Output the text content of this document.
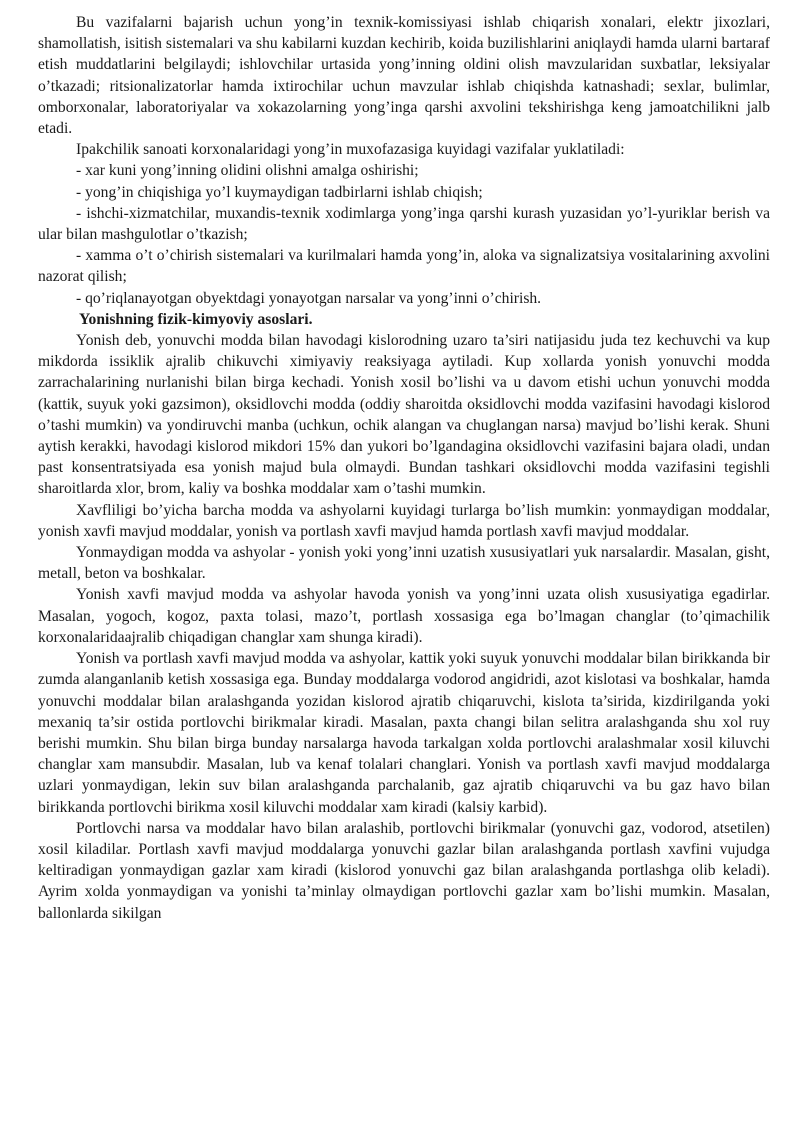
Bu vazifalarni bajarish uchun yong’in texnik-komissiyasi ishlab chiqarish xonalari, elektr jixozlari, shamollatish, isitish sistemalari va shu kabilarni kuzdan kechirib, koida buzilishlarini aniqlaydi hamda ularni bartaraf etish muddatlarini belgilaydi; ishlovchilar urtasida yong’inning oldini olish mavzularidan suxbatlar, leksiyalar o’tkazadi; ritsionalizatorlar hamda ixtirochilar uchun mavzular ishlab chiqishda katnashadi; sexlar, bulimlar, omborxonalar, laboratoriyalar va xokazolarning yong’inga qarshi axvolini tekshirishga keng jamoatchilikni jalb etadi.

Ipakchilik sanoati korxonalaridagi yong’in muxofazasiga kuyidagi vazifalar yuklatiladi:

- xar kuni yong’inning olidini olishni amalga oshirishi;

- yong’in chiqishiga yo’l kuymaydigan tadbirlarni ishlab chiqish;

- ishchi-xizmatchilar, muxandis-texnik xodimlarga yong’inga qarshi kurash yuzasidan yo’l-yuriklar berish va ular bilan mashgulotlar o’tkazish;

- xamma o’t o’chirish sistemalari va kurilmalari hamda yong’in, aloka va signalizatsiya vositalarining axvolini nazorat qilish;

- qo’riqlanayotgan obyektdagi yonayotgan narsalar va yong’inni o’chirish.

Yonishning fizik-kimyoviy asoslari.

Yonish deb, yonuvchi modda bilan havodagi kislorodning uzaro ta’siri natijasidu juda tez kechuvchi va kup mikdorda issiklik ajralib chikuvchi ximiyaviy reaksiyaga aytiladi. Kup xollarda yonish yonuvchi modda zarrachalarining nurlanishi bilan birga kechadi. Yonish xosil bo’lishi va u davom etishi uchun yonuvchi modda (kattik, suyuk yoki gazsimon), oksidlovchi modda (oddiy sharoitda oksidlovchi modda vazifasini havodagi kislorod o’tashi mumkin) va yondiruvchi manba (uchkun, ochik alangan va chuglangan narsa) mavjud bo’lishi kerak. Shuni aytish kerakki, havodagi kislorod mikdori 15% dan yukori bo’lgandagina oksidlovchi vazifasini bajara oladi, undan past konsentratsiyada esa yonish majud bula olmaydi. Bundan tashkari oksidlovchi modda vazifasini tegishli sharoitlarda xlor, brom, kaliy va boshka moddalar xam o’tashi mumkin.

Xavfliligi bo’yicha barcha modda va ashyolarni kuyidagi turlarga bo’lish mumkin: yonmaydigan moddalar, yonish xavfi mavjud moddalar, yonish va portlash xavfi mavjud hamda portlash xavfi mavjud moddalar.

Yonmaydigan modda va ashyolar - yonish yoki yong’inni uzatish xususiyatlari yuk narsalardir. Masalan, gisht, metall, beton va boshkalar.

Yonish xavfi mavjud modda va ashyolar havoda yonish va yong’inni uzata olish xususiyatiga egadirlar. Masalan, yogoch, kogoz, paxta tolasi, mazo’t, portlash xossasiga ega bo’lmagan changlar (to’qimachilik korxonalaridaajralib chiqadigan changlar xam shunga kiradi).

Yonish va portlash xavfi mavjud modda va ashyolar, kattik yoki suyuk yonuvchi moddalar bilan birikkanda bir zumda alanganlanib ketish xossasiga ega. Bunday moddalarga vodorod angidridi, azot kislotasi va boshkalar, hamda yonuvchi moddalar bilan aralashganda yozidan kislorod ajratib chiqaruvchi, kislota ta’sirida, kizdirilganda yoki mexaniq ta’sir ostida portlovchi birikmalar kiradi. Masalan, paxta changi bilan selitra aralashganda shu xol ruy berishi mumkin. Shu bilan birga bunday narsalarga havoda tarkalgan xolda portlovchi aralashmalar xosil kiluvchi changlar xam mansubdir. Masalan, lub va kenaf tolalari changlari. Yonish va portlash xavfi mavjud moddalarga uzlari yonmaydigan, lekin suv bilan aralashganda parchalanib, gaz ajratib chiqaruvchi va bu gaz havo bilan birikkanda portlovchi birikma xosil kiluvchi moddalar xam kiradi (kalsiy karbid).

Portlovchi narsa va moddalar havo bilan aralashib, portlovchi birikmalar (yonuvchi gaz, vodorod, atsetilen) xosil kiladilar. Portlash xavfi mavjud moddalarga yonuvchi gazlar bilan aralashganda portlash xavfini vujudga keltiradigan yonmaydigan gazlar xam kiradi (kislorod yonuvchi gaz bilan aralashganda portlashga olib keladi). Ayrim xolda yonmaydigan va yonishi ta’minlay olmaydigan portlovchi gazlar xam bo’lishi mumkin. Masalan, ballonlarda sikilgan
